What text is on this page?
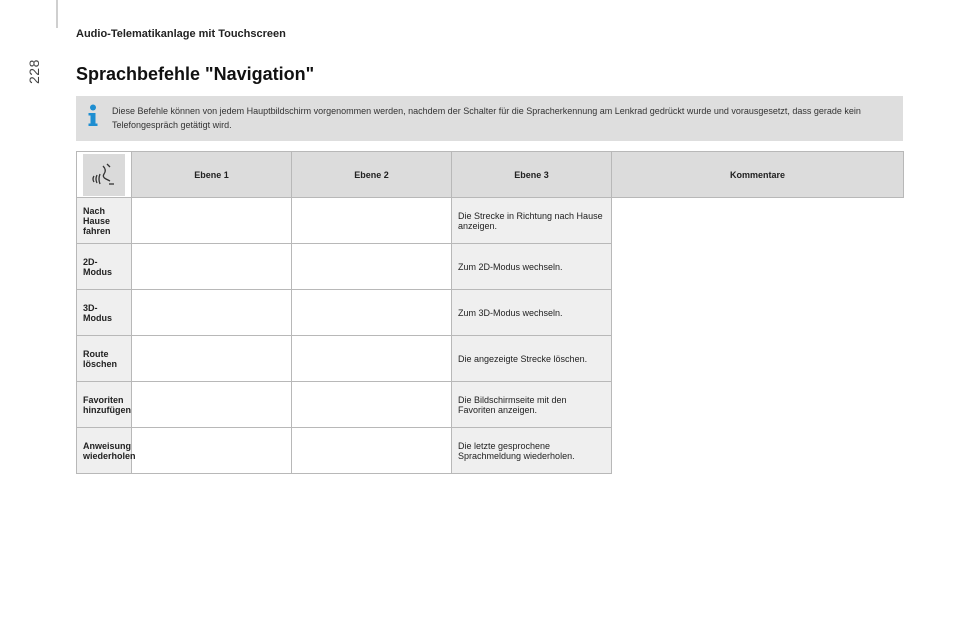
228
Audio-Telematikanlage mit Touchscreen
Sprachbefehle "Navigation"
Diese Befehle können von jedem Hauptbildschirm vorgenommen werden, nachdem der Schalter für die Spracherkennung am Lenkrad gedrückt wurde und vorausgesetzt, dass gerade kein Telefongespräch getätigt wird.
	Ebene 1	Ebene 2	Ebene 3	Kommentare
Nach Hause fahren			Die Strecke in Richtung nach Hause anzeigen.	
2D-Modus			Zum 2D-Modus wechseln.	
3D-Modus			Zum 3D-Modus wechseln.	
Route löschen			Die angezeigte Strecke löschen.	
Favoriten hinzufügen			Die Bildschirmseite mit den Favoriten anzeigen.	
Anweisung wiederholen			Die letzte gesprochene Sprachmeldung wiederholen.	
